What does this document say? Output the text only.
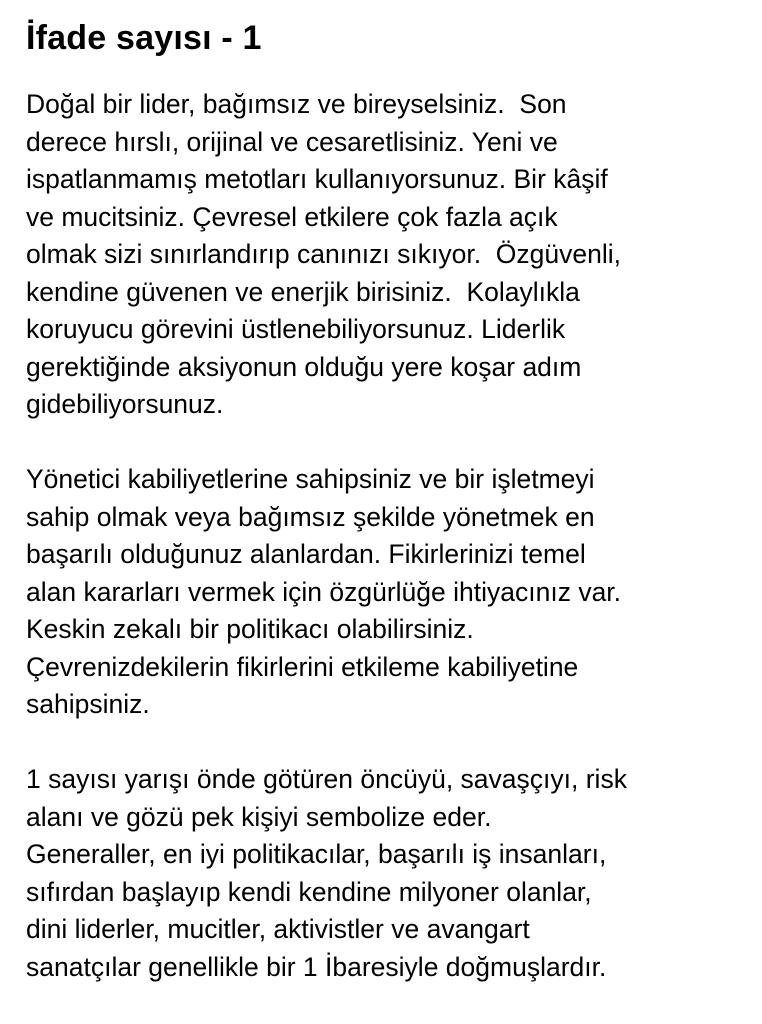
İfade sayısı - 1

Doğal bir lider, bağımsız ve bireyselsiniz.  Son
derece hırslı, orijinal ve cesaretlisiniz. Yeni ve
ispatlanmamış metotları kullanıyorsunuz. Bir kâşif
ve mucitsiniz. Çevresel etkilere çok fazla açık
olmak sizi sınırlandırıp canınızı sıkıyor.  Özgüvenli,
kendine güvenen ve enerjik birisiniz.  Kolaylıkla
koruyucu görevini üstlenebiliyorsunuz. Liderlik
gerektiğinde aksiyonun olduğu yere koşar adım
gidebiliyorsunuz.

Yönetici kabiliyetlerine sahipsiniz ve bir işletmeyi
sahip olmak veya bağımsız şekilde yönetmek en
başarılı olduğunuz alanlardan. Fikirlerinizi temel
alan kararları vermek için özgürlüğe ihtiyacınız var.
Keskin zekalı bir politikacı olabilirsiniz.
Çevrenizdekilerin fikirlerini etkileme kabiliyetine
sahipsiniz.

1 sayısı yarışı önde götüren öncüyü, savaşçıyı, risk
alanı ve gözü pek kişiyi sembolize eder.
Generaller, en iyi politikacılar, başarılı iş insanları,
sıfırdan başlayıp kendi kendine milyoner olanlar,
dini liderler, mucitler, aktivistler ve avangart
sanatçılar genellikle bir 1 İbaresiyle doğmuşlardır.
